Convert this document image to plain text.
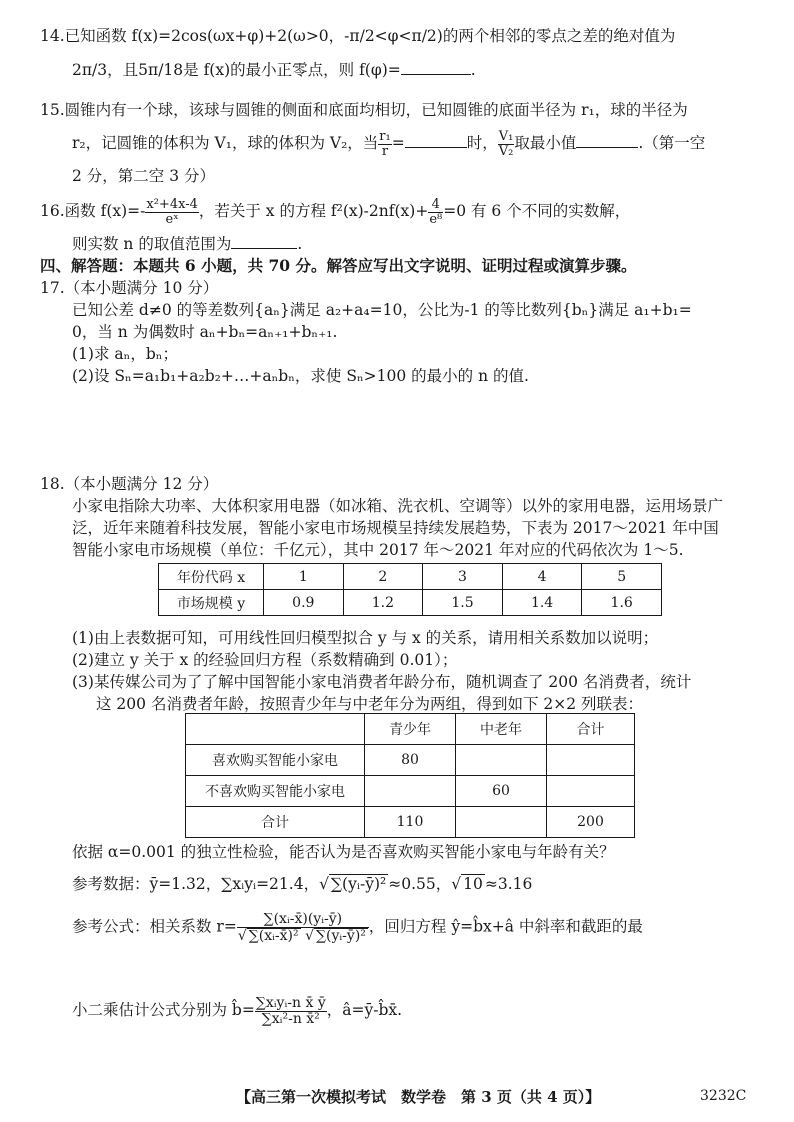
14.已知函数 f(x)=2cos(ωx+φ)+2(ω>0，-π/2<φ<π/2)的两个相邻的零点之差的绝对值为
2π/3，且5π/18是 f(x)的最小正零点，则 f(φ)=	.
15.圆锥内有一个球，该球与圆锥的侧面和底面均相切，已知圆锥的底面半径为 r₁，球的半径为
r₂，记圆锥的体积为 V₁，球的体积为 V₂，当 $\frac{\text{r₁}}{r}$ =	时， $\frac{\text{V₁}}{\text{V₂}}$ 取最小值	.（第一空
2 分，第二空 3 分）
16.函数 $f(x)=- \frac{\text{x²+4x-4}}{\text{eˣ}}$ ，若关于 x 的方程 $f^2(x)-2nf(x)+ \frac{4}{\text{e⁸}} =0$ 有 6 个不同的实数解，
则实数 n 的取值范围为	.
四、解答题：本题共 6 小题，共 70 分。解答应写出文字说明、证明过程或演算步骤。
17.（本小题满分 10 分）
已知公差 d≠0 的等差数列{aₙ}满足 a₂+a₄=10，公比为-1 的等比数列{bₙ}满足 a₁+b₁=
0，当 n 为偶数时 aₙ+bₙ=aₙ₊₁+bₙ₊₁.
(1)求 aₙ，bₙ；
(2)设 Sₙ=a₁b₁+a₂b₂+…+aₙbₙ，求使 Sₙ>100 的最小的 n 的值.
18.（本小题满分 12 分）
小家电指除大功率、大体积家用电器（如冰箱、洗衣机、空调等）以外的家用电器，运用场景广
泛，近年来随着科技发展，智能小家电市场规模呈持续发展趋势，下表为 2017～2021 年中国
智能小家电市场规模（单位：千亿元），其中 2017 年～2021 年对应的代码依次为 1～5.
年份代码 x	1	2	3	4	5
市场规模 y	0.9	1.2	1.5	1.4	1.6
(1)由上表数据可知，可用线性回归模型拟合 y 与 x 的关系，请用相关系数加以说明；
(2)建立 y 关于 x 的经验回归方程（系数精确到 0.01）；
(3)某传媒公司为了了解中国智能小家电消费者年龄分布，随机调查了 200 名消费者，统计
这 200 名消费者年龄，按照青少年与中老年分为两组，得到如下 2×2 列联表：
	青少年	中老年	合计
喜欢购买智能小家电	80		
不喜欢购买智能小家电		60	
合计	110		200
依据 α=0.001 的独立性检验，能否认为是否喜欢购买智能小家电与年龄有关？
参考数据：ȳ=1.32，∑xᵢyᵢ=21.4，√ ∑(yᵢ-ȳ)² ≈0.55，√ 10 ≈3.16
参考公式：相关系数 $r= \frac{\text{∑(xᵢ-x̄)(yᵢ-ȳ)}}{\text{√ ∑(xᵢ-x̄)² √ ∑(yᵢ-ȳ)²}}$ ，回归方程 ŷ=b̂x+â 中斜率和截距的最
小二乘估计公式分别为 b̂= $\frac{\text{∑xᵢyᵢ-n x̄ ȳ}}{\text{∑xᵢ²-n x̄²}}$ ，â=ȳ-b̂x̄.
【高三第一次模拟考试　数学卷　第 3 页（共 4 页）】	3232C
